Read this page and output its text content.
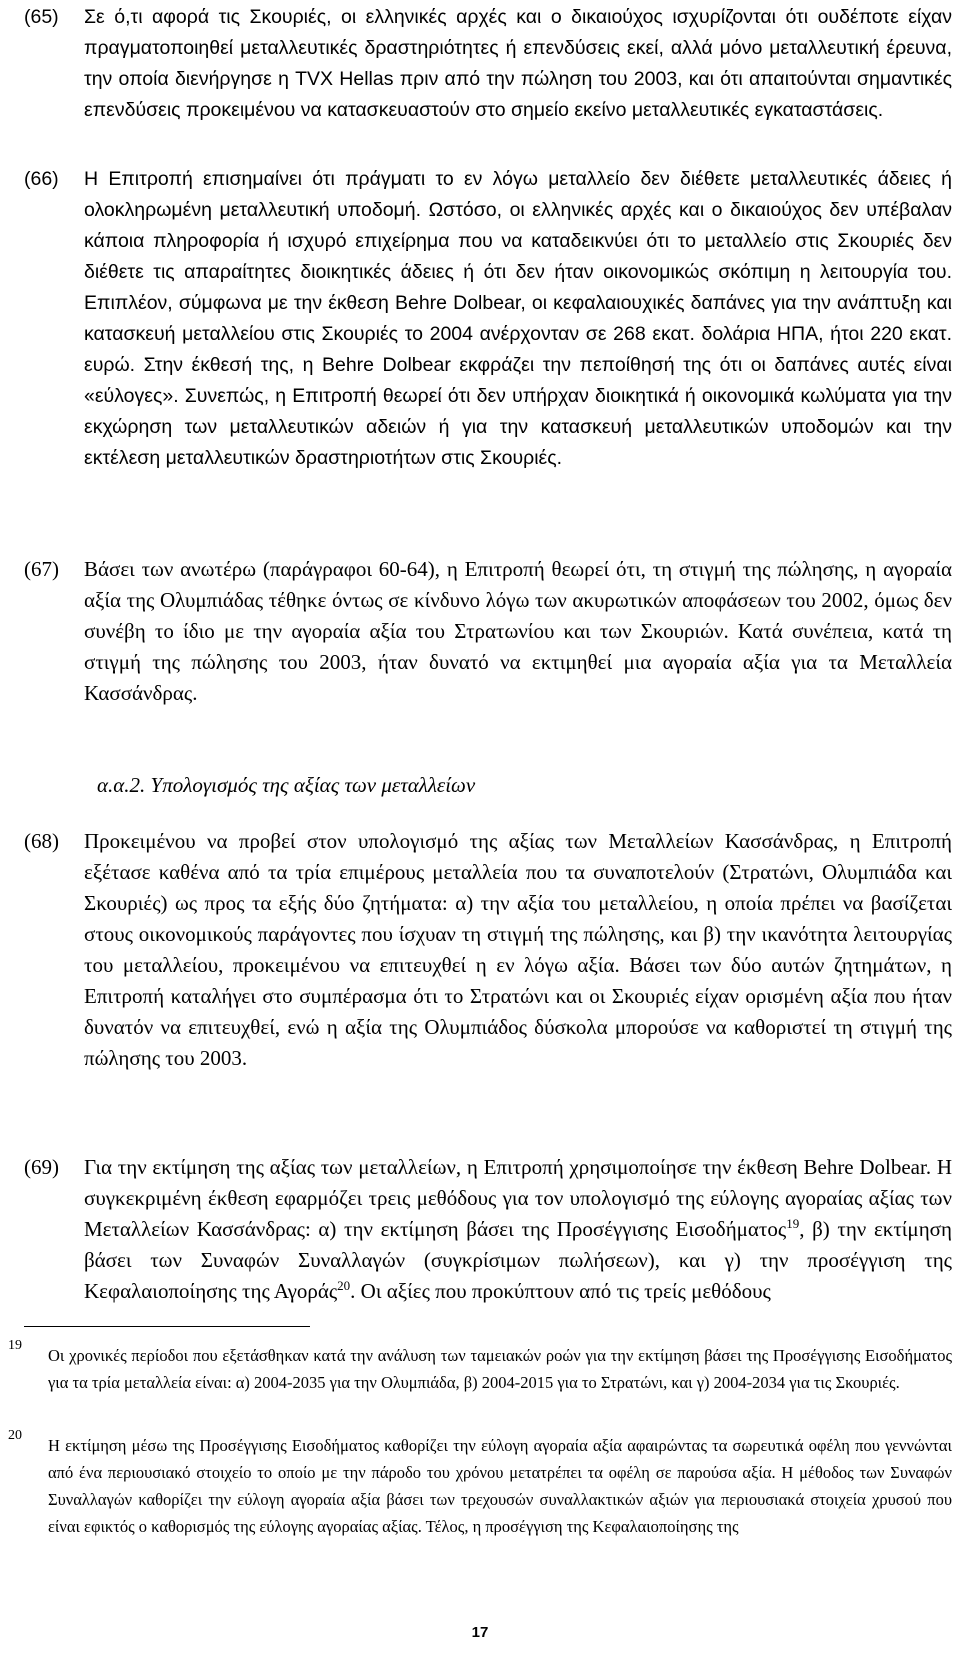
(65)	Σε ό,τι αφορά τις Σκουριές, οι ελληνικές αρχές και ο δικαιούχος ισχυρίζονται ότι ουδέποτε είχαν πραγματοποιηθεί μεταλλευτικές δραστηριότητες ή επενδύσεις εκεί, αλλά μόνο μεταλλευτική έρευνα, την οποία διενήργησε η TVX Hellas πριν από την πώληση του 2003, και ότι απαιτούνται σημαντικές επενδύσεις προκειμένου να κατασκευαστούν στο σημείο εκείνο μεταλλευτικές εγκαταστάσεις.
(66)	Η Επιτροπή επισημαίνει ότι πράγματι το εν λόγω μεταλλείο δεν διέθετε μεταλλευτικές άδειες ή ολοκληρωμένη μεταλλευτική υποδομή. Ωστόσο, οι ελληνικές αρχές και ο δικαιούχος δεν υπέβαλαν κάποια πληροφορία ή ισχυρό επιχείρημα που να καταδεικνύει ότι το μεταλλείο στις Σκουριές δεν διέθετε τις απαραίτητες διοικητικές άδειες ή ότι δεν ήταν οικονομικώς σκόπιμη η λειτουργία του. Επιπλέον, σύμφωνα με την έκθεση Behre Dolbear, οι κεφαλαιουχικές δαπάνες για την ανάπτυξη και κατασκευή μεταλλείου στις Σκουριές το 2004 ανέρχονταν σε 268 εκατ. δολάρια ΗΠΑ, ήτοι 220 εκατ. ευρώ. Στην έκθεσή της, η Behre Dolbear εκφράζει την πεποίθησή της ότι οι δαπάνες αυτές είναι «εύλογες». Συνεπώς, η Επιτροπή θεωρεί ότι δεν υπήρχαν διοικητικά ή οικονομικά κωλύματα για την εκχώρηση των μεταλλευτικών αδειών ή για την κατασκευή μεταλλευτικών υποδομών και την εκτέλεση μεταλλευτικών δραστηριοτήτων στις Σκουριές.
(67)	Βάσει των ανωτέρω (παράγραφοι 60-64), η Επιτροπή θεωρεί ότι, τη στιγμή της πώλησης, η αγοραία αξία της Ολυμπιάδας τέθηκε όντως σε κίνδυνο λόγω των ακυρωτικών αποφάσεων του 2002, όμως δεν συνέβη το ίδιο με την αγοραία αξία του Στρατωνίου και των Σκουριών. Κατά συνέπεια, κατά τη στιγμή της πώλησης του 2003, ήταν δυνατό να εκτιμηθεί μια αγοραία αξία για τα Μεταλλεία Κασσάνδρας.
α.α.2. Υπολογισμός της αξίας των μεταλλείων
(68)	Προκειμένου να προβεί στον υπολογισμό της αξίας των Μεταλλείων Κασσάνδρας, η Επιτροπή εξέτασε καθένα από τα τρία επιμέρους μεταλλεία που τα συναποτελούν (Στρατώνι, Ολυμπιάδα και Σκουριές) ως προς τα εξής δύο ζητήματα: α) την αξία του μεταλλείου, η οποία πρέπει να βασίζεται στους οικονομικούς παράγοντες που ίσχυαν τη στιγμή της πώλησης, και β) την ικανότητα λειτουργίας του μεταλλείου, προκειμένου να επιτευχθεί η εν λόγω αξία. Βάσει των δύο αυτών ζητημάτων, η Επιτροπή καταλήγει στο συμπέρασμα ότι το Στρατώνι και οι Σκουριές είχαν ορισμένη αξία που ήταν δυνατόν να επιτευχθεί, ενώ η αξία της Ολυμπιάδος δύσκολα μπορούσε να καθοριστεί τη στιγμή της πώλησης του 2003.
(69)	Για την εκτίμηση της αξίας των μεταλλείων, η Επιτροπή χρησιμοποίησε την έκθεση Behre Dolbear. Η συγκεκριμένη έκθεση εφαρμόζει τρεις μεθόδους για τον υπολογισμό της εύλογης αγοραίας αξίας των Μεταλλείων Κασσάνδρας: α) την εκτίμηση βάσει της Προσέγγισης Εισοδήματος$^{19}$, β) την εκτίμηση βάσει των Συναφών Συναλλαγών (συγκρίσιμων πωλήσεων), και γ) την προσέγγιση της Κεφαλαιοποίησης της Αγοράς$^{20}$. Οι αξίες που προκύπτουν από τις τρείς μεθόδους
19
Οι χρονικές περίοδοι που εξετάσθηκαν κατά την ανάλυση των ταμειακών ροών για την εκτίμηση βάσει της Προσέγγισης Εισοδήματος για τα τρία μεταλλεία είναι: α) 2004-2035 για την Ολυμπιάδα, β) 2004-2015 για το Στρατώνι, και γ) 2004-2034 για τις Σκουριές.
20
Η εκτίμηση μέσω της Προσέγγισης Εισοδήματος καθορίζει την εύλογη αγοραία αξία αφαιρώντας τα σωρευτικά οφέλη που γεννώνται από ένα περιουσιακό στοιχείο το οποίο με την πάροδο του χρόνου μετατρέπει τα οφέλη σε παρούσα αξία. Η μέθοδος των Συναφών Συναλλαγών καθορίζει την εύλογη αγοραία αξία βάσει των τρεχουσών συναλλακτικών αξιών για περιουσιακά στοιχεία χρυσού που είναι εφικτός ο καθορισμός της εύλογης αγοραίας αξίας. Τέλος, η προσέγγιση της Κεφαλαιοποίησης της
17
